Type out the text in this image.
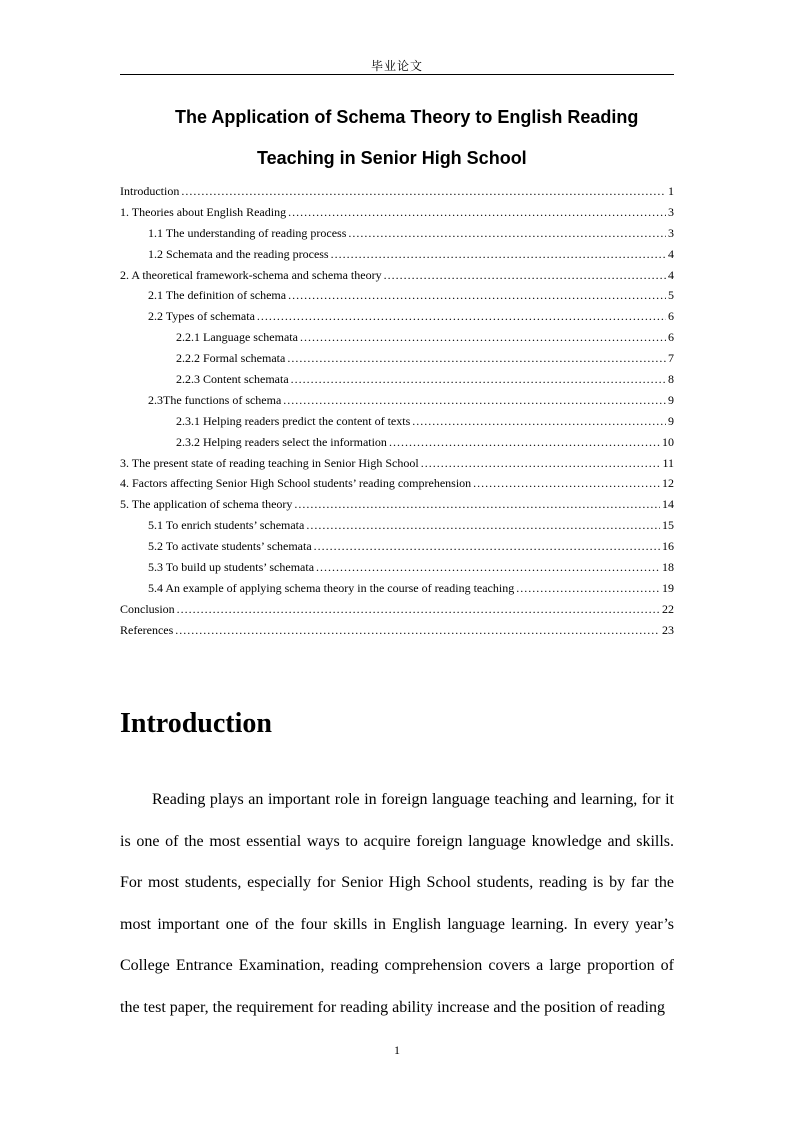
毕业论文
The Application of Schema Theory to English Reading
Teaching in Senior High School
Introduction .....	1
1. Theories about English Reading .....	3
1.1 The understanding of reading process .....	3
1.2 Schemata and the reading process .....	4
2. A theoretical framework-schema and schema theory .....	4
2.1 The definition of schema .....	5
2.2 Types of schemata .....	6
2.2.1 Language schemata .....	6
2.2.2 Formal schemata .....	7
2.2.3 Content schemata .....	8
2.3The functions of schema .....	9
2.3.1 Helping readers predict the content of texts .....	9
2.3.2 Helping readers select the information .....	10
3. The present state of reading teaching in Senior High School .....	11
4. Factors affecting Senior High School students’ reading comprehension .....	12
5. The application of schema theory .....	14
5.1 To enrich students’ schemata .....	15
5.2 To activate students’ schemata .....	16
5.3 To build up students’ schemata .....	18
5.4 An example of applying schema theory in the course of reading teaching .....	19
Conclusion .....	22
References .....	23
Introduction

Reading plays an important role in foreign language teaching and learning, for it is one of the most essential ways to acquire foreign language knowledge and skills. For most students, especially for Senior High School students, reading is by far the most important one of the four skills in English language learning. In every year’s College Entrance Examination, reading comprehension covers a large proportion of the test paper, the requirement for reading ability increase and the position of reading

1
